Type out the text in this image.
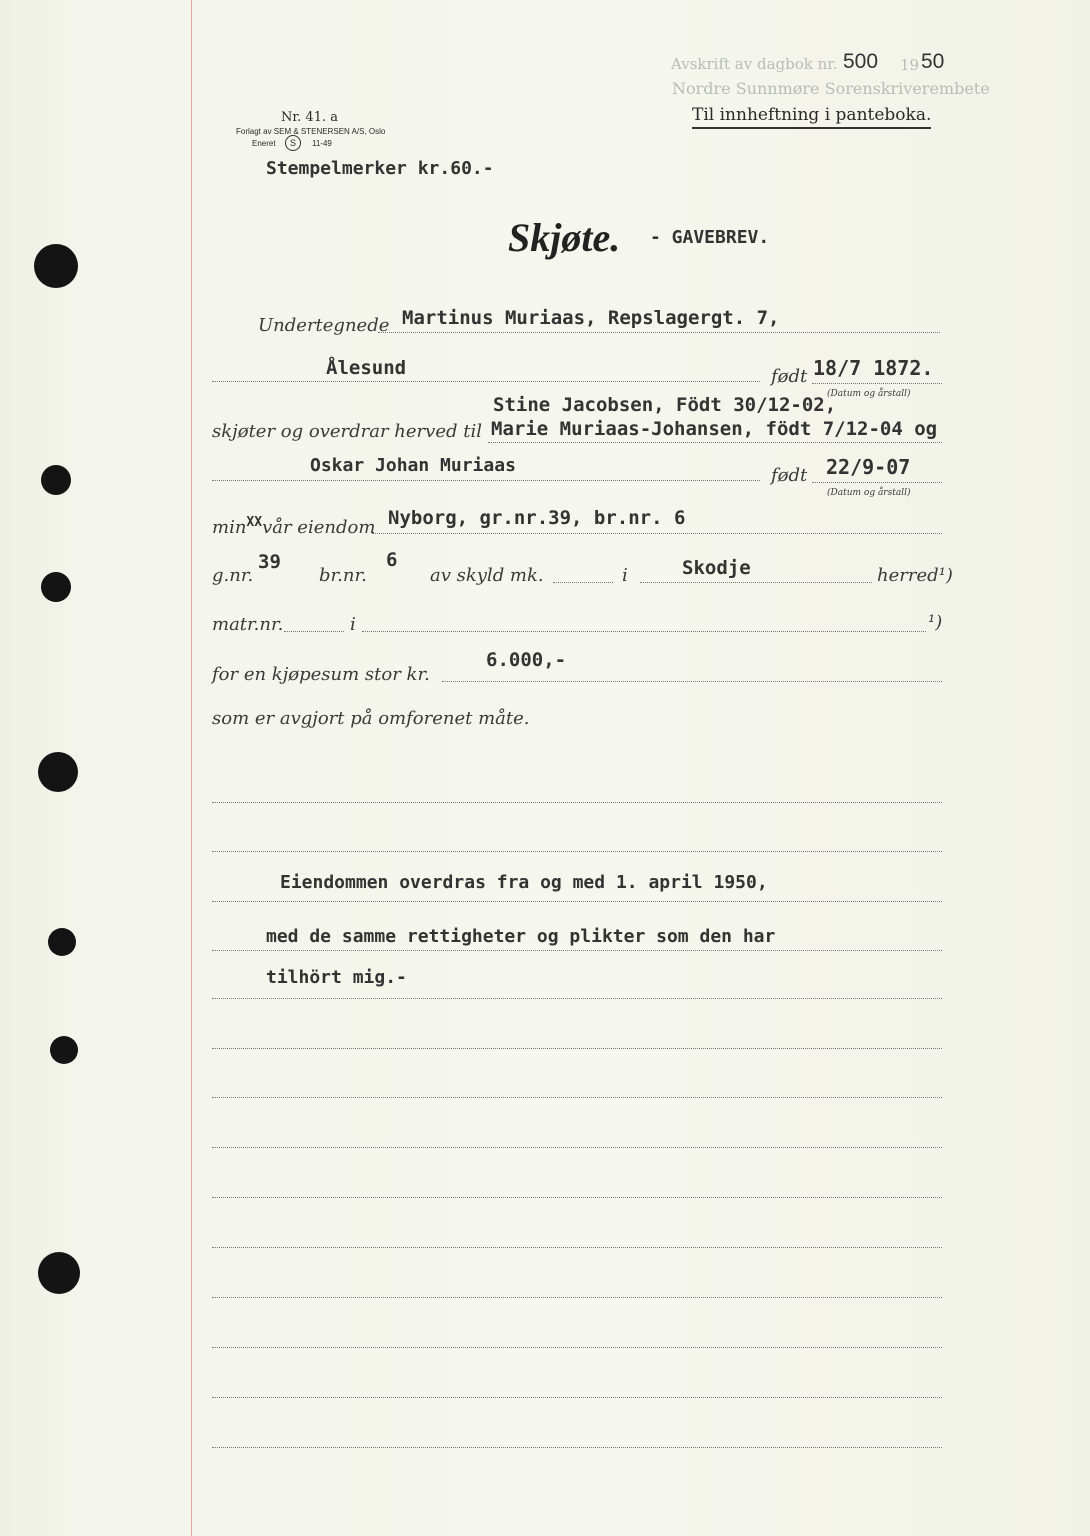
Avskrift av dagbok nr. 500 19 50
Nordre Sunnmøre Sorenskriverembete
Til innheftning i panteboka.
Nr. 41. a
Forlagt av SEM & STENERSEN A/S, Oslo
Eneret	S	11-49
Stempelmerker kr.60.-
Skjøte. - GAVEBREV.
Undertegnede Martinus Muriaas, Repslagergt. 7,
Ålesund	født 18/7 1872.
(Datum og årstall)
Stine Jacobsen, Födt 30/12-02,
skjøter og overdrar herved til Marie Muriaas-Johansen, födt 7/12-04 og
Oskar Johan Muriaas	født 22/9-07
(Datum og årstall)
$\min^{XX}vår$ eiendom Nyborg, gr.nr.39, br.nr. 6
g.nr.
39
br.nr.
6
av skyld mk.	i	Skodje	herred¹)
matr.nr.	i	¹)
for en kjøpesum stor kr.
6.000,-
som er avgjort på omforenet måte.
Eiendommen overdras fra og med 1. april 1950,
med de samme rettigheter og plikter som den har
tilhört mig.-
